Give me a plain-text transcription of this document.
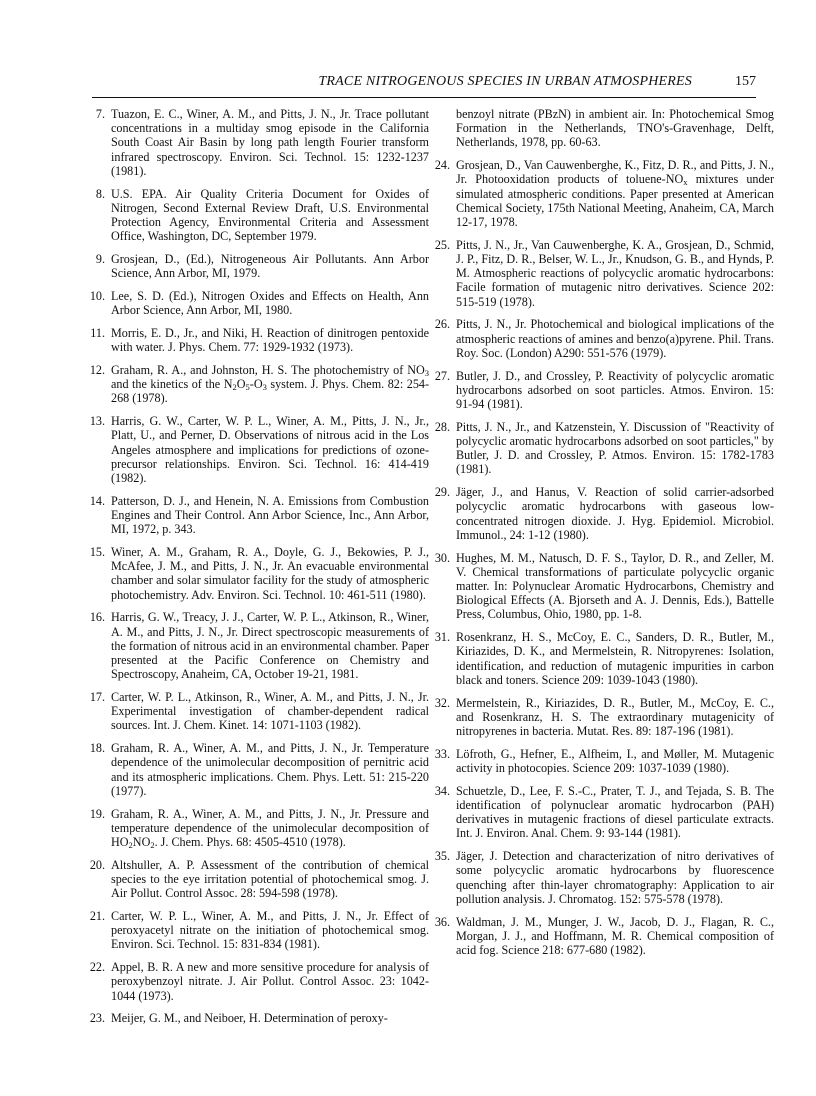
TRACE NITROGENOUS SPECIES IN URBAN ATMOSPHERES	157
7. Tuazon, E. C., Winer, A. M., and Pitts, J. N., Jr. Trace pollutant concentrations in a multiday smog episode in the California South Coast Air Basin by long path length Fourier transform infrared spectroscopy. Environ. Sci. Technol. 15: 1232-1237 (1981).
8. U.S. EPA. Air Quality Criteria Document for Oxides of Nitrogen, Second External Review Draft, U.S. Environmental Protection Agency, Environmental Criteria and Assessment Office, Washington, DC, September 1979.
9. Grosjean, D., (Ed.), Nitrogeneous Air Pollutants. Ann Arbor Science, Ann Arbor, MI, 1979.
10. Lee, S. D. (Ed.), Nitrogen Oxides and Effects on Health, Ann Arbor Science, Ann Arbor, MI, 1980.
11. Morris, E. D., Jr., and Niki, H. Reaction of dinitrogen pentoxide with water. J. Phys. Chem. 77: 1929-1932 (1973).
12. Graham, R. A., and Johnston, H. S. The photochemistry of $NO_3$ and the kinetics of the $N_2O_5-O_3$ system. J. Phys. Chem. 82: 254-268 (1978).
13. Harris, G. W., Carter, W. P. L., Winer, A. M., Pitts, J. N., Jr., Platt, U., and Perner, D. Observations of nitrous acid in the Los Angeles atmosphere and implications for predictions of ozone-precursor relationships. Environ. Sci. Technol. 16: 414-419 (1982).
14. Patterson, D. J., and Henein, N. A. Emissions from Combustion Engines and Their Control. Ann Arbor Science, Inc., Ann Arbor, MI, 1972, p. 343.
15. Winer, A. M., Graham, R. A., Doyle, G. J., Bekowies, P. J., McAfee, J. M., and Pitts, J. N., Jr. An evacuable environmental chamber and solar simulator facility for the study of atmospheric photochemistry. Adv. Environ. Sci. Technol. 10: 461-511 (1980).
16. Harris, G. W., Treacy, J. J., Carter, W. P. L., Atkinson, R., Winer, A. M., and Pitts, J. N., Jr. Direct spectroscopic measurements of the formation of nitrous acid in an environmental chamber. Paper presented at the Pacific Conference on Chemistry and Spectroscopy, Anaheim, CA, October 19-21, 1981.
17. Carter, W. P. L., Atkinson, R., Winer, A. M., and Pitts, J. N., Jr. Experimental investigation of chamber-dependent radical sources. Int. J. Chem. Kinet. 14: 1071-1103 (1982).
18. Graham, R. A., Winer, A. M., and Pitts, J. N., Jr. Temperature dependence of the unimolecular decomposition of pernitric acid and its atmospheric implications. Chem. Phys. Lett. 51: 215-220 (1977).
19. Graham, R. A., Winer, A. M., and Pitts, J. N., Jr. Pressure and temperature dependence of the unimolecular decomposition of $HO_2NO_2$. J. Chem. Phys. 68: 4505-4510 (1978).
20. Altshuller, A. P. Assessment of the contribution of chemical species to the eye irritation potential of photochemical smog. J. Air Pollut. Control Assoc. 28: 594-598 (1978).
21. Carter, W. P. L., Winer, A. M., and Pitts, J. N., Jr. Effect of peroxyacetyl nitrate on the initiation of photochemical smog. Environ. Sci. Technol. 15: 831-834 (1981).
22. Appel, B. R. A new and more sensitive procedure for analysis of peroxybenzoyl nitrate. J. Air Pollut. Control Assoc. 23: 1042-1044 (1973).
23. Meijer, G. M., and Neiboer, H. Determination of peroxy-
benzoyl nitrate (PBzN) in ambient air. In: Photochemical Smog Formation in the Netherlands, TNO's-Gravenhage, Delft, Netherlands, 1978, pp. 60-63.
24. Grosjean, D., Van Cauwenberghe, K., Fitz, D. R., and Pitts, J. N., Jr. Photooxidation products of toluene-$NO_x$ mixtures under simulated atmospheric conditions. Paper presented at American Chemical Society, 175th National Meeting, Anaheim, CA, March 12-17, 1978.
25. Pitts, J. N., Jr., Van Cauwenberghe, K. A., Grosjean, D., Schmid, J. P., Fitz, D. R., Belser, W. L., Jr., Knudson, G. B., and Hynds, P. M. Atmospheric reactions of polycyclic aromatic hydrocarbons: Facile formation of mutagenic nitro derivatives. Science 202: 515-519 (1978).
26. Pitts, J. N., Jr. Photochemical and biological implications of the atmospheric reactions of amines and benzo(a)pyrene. Phil. Trans. Roy. Soc. (London) A290: 551-576 (1979).
27. Butler, J. D., and Crossley, P. Reactivity of polycyclic aromatic hydrocarbons adsorbed on soot particles. Atmos. Environ. 15: 91-94 (1981).
28. Pitts, J. N., Jr., and Katzenstein, Y. Discussion of "Reactivity of polycyclic aromatic hydrocarbons adsorbed on soot particles," by Butler, J. D. and Crossley, P. Atmos. Environ. 15: 1782-1783 (1981).
29. Jäger, J., and Hanus, V. Reaction of solid carrier-adsorbed polycyclic aromatic hydrocarbons with gaseous low-concentrated nitrogen dioxide. J. Hyg. Epidemiol. Microbiol. Immunol., 24: 1-12 (1980).
30. Hughes, M. M., Natusch, D. F. S., Taylor, D. R., and Zeller, M. V. Chemical transformations of particulate polycyclic organic matter. In: Polynuclear Aromatic Hydrocarbons, Chemistry and Biological Effects (A. Bjorseth and A. J. Dennis, Eds.), Battelle Press, Columbus, Ohio, 1980, pp. 1-8.
31. Rosenkranz, H. S., McCoy, E. C., Sanders, D. R., Butler, M., Kiriazides, D. K., and Mermelstein, R. Nitropyrenes: Isolation, identification, and reduction of mutagenic impurities in carbon black and toners. Science 209: 1039-1043 (1980).
32. Mermelstein, R., Kiriazides, D. R., Butler, M., McCoy, E. C., and Rosenkranz, H. S. The extraordinary mutagenicity of nitropyrenes in bacteria. Mutat. Res. 89: 187-196 (1981).
33. Löfroth, G., Hefner, E., Alfheim, I., and Møller, M. Mutagenic activity in photocopies. Science 209: 1037-1039 (1980).
34. Schuetzle, D., Lee, F. S.-C., Prater, T. J., and Tejada, S. B. The identification of polynuclear aromatic hydrocarbon (PAH) derivatives in mutagenic fractions of diesel particulate extracts. Int. J. Environ. Anal. Chem. 9: 93-144 (1981).
35. Jäger, J. Detection and characterization of nitro derivatives of some polycyclic aromatic hydrocarbons by fluorescence quenching after thin-layer chromatography: Application to air pollution analysis. J. Chromatog. 152: 575-578 (1978).
36. Waldman, J. M., Munger, J. W., Jacob, D. J., Flagan, R. C., Morgan, J. J., and Hoffmann, M. R. Chemical composition of acid fog. Science 218: 677-680 (1982).
